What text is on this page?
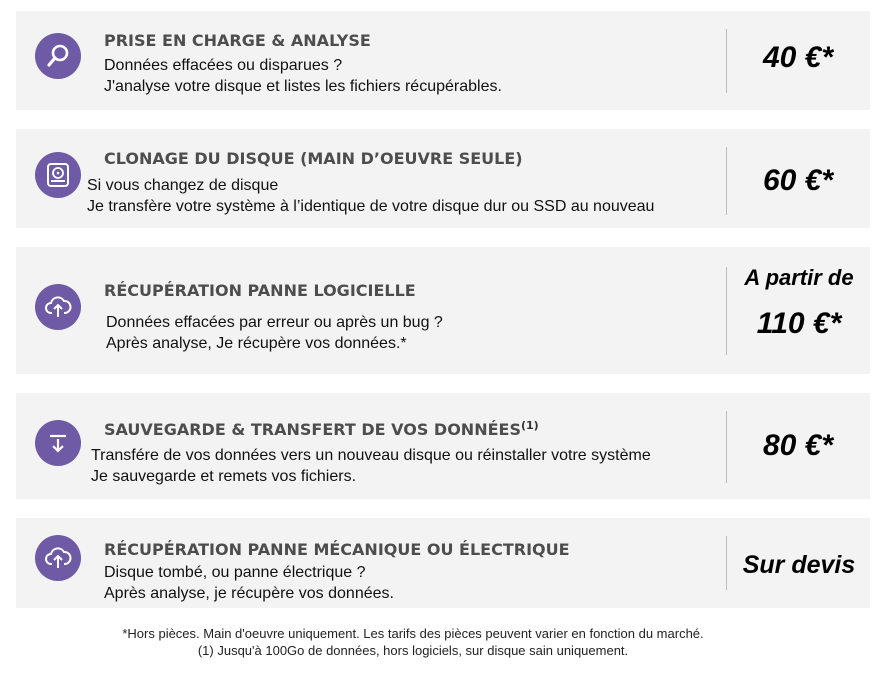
PRISE EN CHARGE & ANALYSE
Données effacées ou disparues ?
J'analyse votre disque et listes les fichiers récupérables.
40 €*
CLONAGE DU DISQUE (MAIN D’OEUVRE SEULE)
Si vous changez de disque
Je transfère votre système à l’identique de votre disque dur ou SSD au nouveau
60 €*
RÉCUPÉRATION PANNE LOGICIELLE
Données effacées par erreur ou après un bug ?
Après analyse, Je récupère vos données.*
A partir de
110 €*
SAUVEGARDE & TRANSFERT DE VOS DONNÉES$^{(1)}$
Transfére de vos données vers un nouveau disque ou réinstaller votre système
Je sauvegarde et remets vos fichiers.
80 €*
RÉCUPÉRATION PANNE MÉCANIQUE OU ÉLECTRIQUE
Disque tombé, ou panne électrique ?
Après analyse, je récupère vos données.
Sur devis
*Hors pièces. Main d'oeuvre uniquement. Les tarifs des pièces peuvent varier en fonction du marché.
(1) Jusqu'à 100Go de données, hors logiciels, sur disque sain uniquement.
